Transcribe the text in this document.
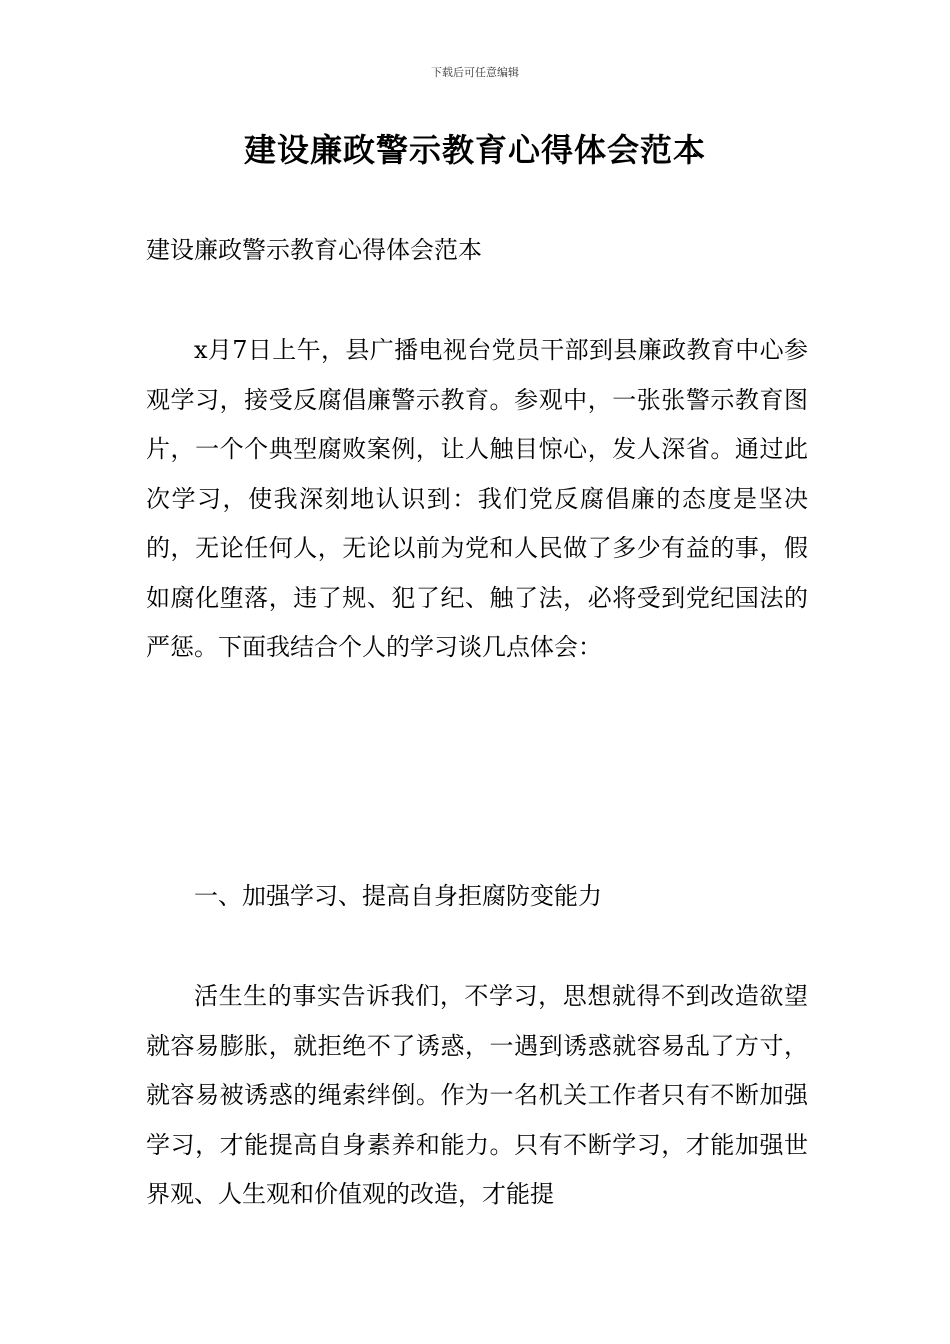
下载后可任意编辑
建设廉政警示教育心得体会范本

建设廉政警示教育心得体会范本

x月7日上午，县广播电视台党员干部到县廉政教育中心参观学习，接受反腐倡廉警示教育。参观中，一张张警示教育图片，一个个典型腐败案例，让人触目惊心，发人深省。通过此次学习，使我深刻地认识到：我们党反腐倡廉的态度是坚决的，无论任何人，无论以前为党和人民做了多少有益的事，假如腐化堕落，违了规、犯了纪、触了法，必将受到党纪国法的严惩。下面我结合个人的学习谈几点体会：

一、加强学习、提高自身拒腐防变能力

活生生的事实告诉我们，不学习，思想就得不到改造欲望就容易膨胀，就拒绝不了诱惑，一遇到诱惑就容易乱了方寸，就容易被诱惑的绳索绊倒。作为一名机关工作者只有不断加强学习，才能提高自身素养和能力。只有不断学习，才能加强世界观、人生观和价值观的改造，才能提
